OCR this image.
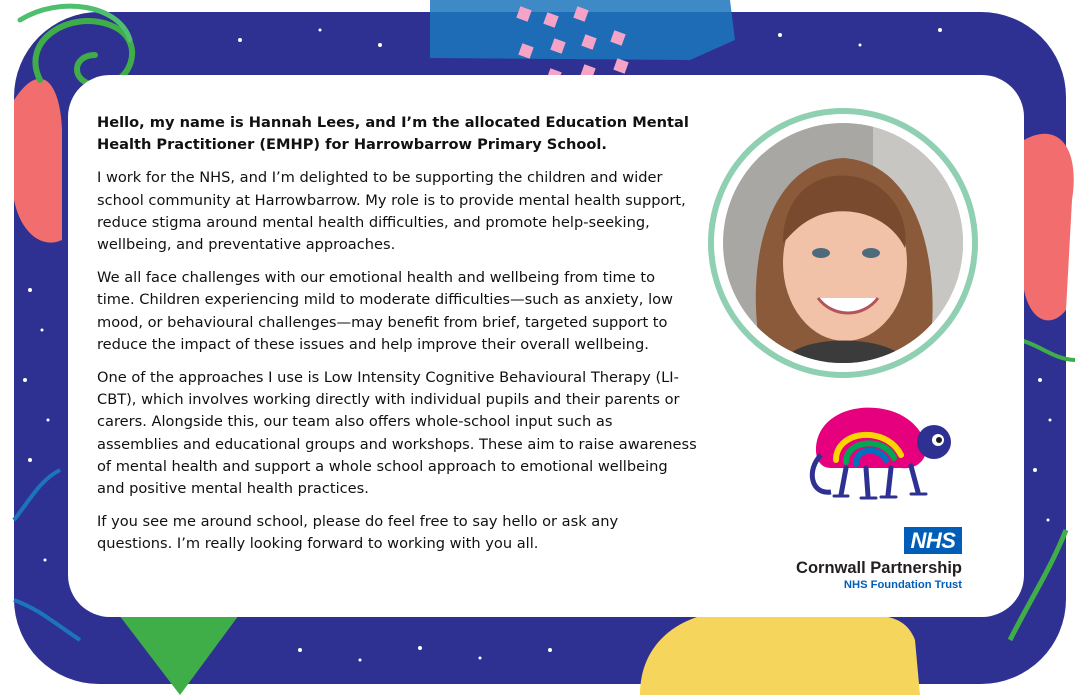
Hello, my name is Hannah Lees, and I’m the allocated Education Mental Health Practitioner (EMHP) for Harrowbarrow Primary School.

I work for the NHS, and I’m delighted to be supporting the children and wider school community at Harrowbarrow. My role is to provide mental health support, reduce stigma around mental health difficulties, and promote help-seeking, wellbeing, and preventative approaches.

We all face challenges with our emotional health and wellbeing from time to time. Children experiencing mild to moderate difficulties—such as anxiety, low mood, or behavioural challenges—may benefit from brief, targeted support to reduce the impact of these issues and help improve their overall wellbeing.

One of the approaches I use is Low Intensity Cognitive Behavioural Therapy (LI-CBT), which involves working directly with individual pupils and their parents or carers. Alongside this, our team also offers whole-school input such as assemblies and educational groups and workshops. These aim to raise awareness of mental health and support a whole school approach to emotional wellbeing and positive mental health practices.

If you see me around school, please do feel free to say hello or ask any questions. I’m really looking forward to working with you all.	NHS
Cornwall Partnership
NHS Foundation Trust
